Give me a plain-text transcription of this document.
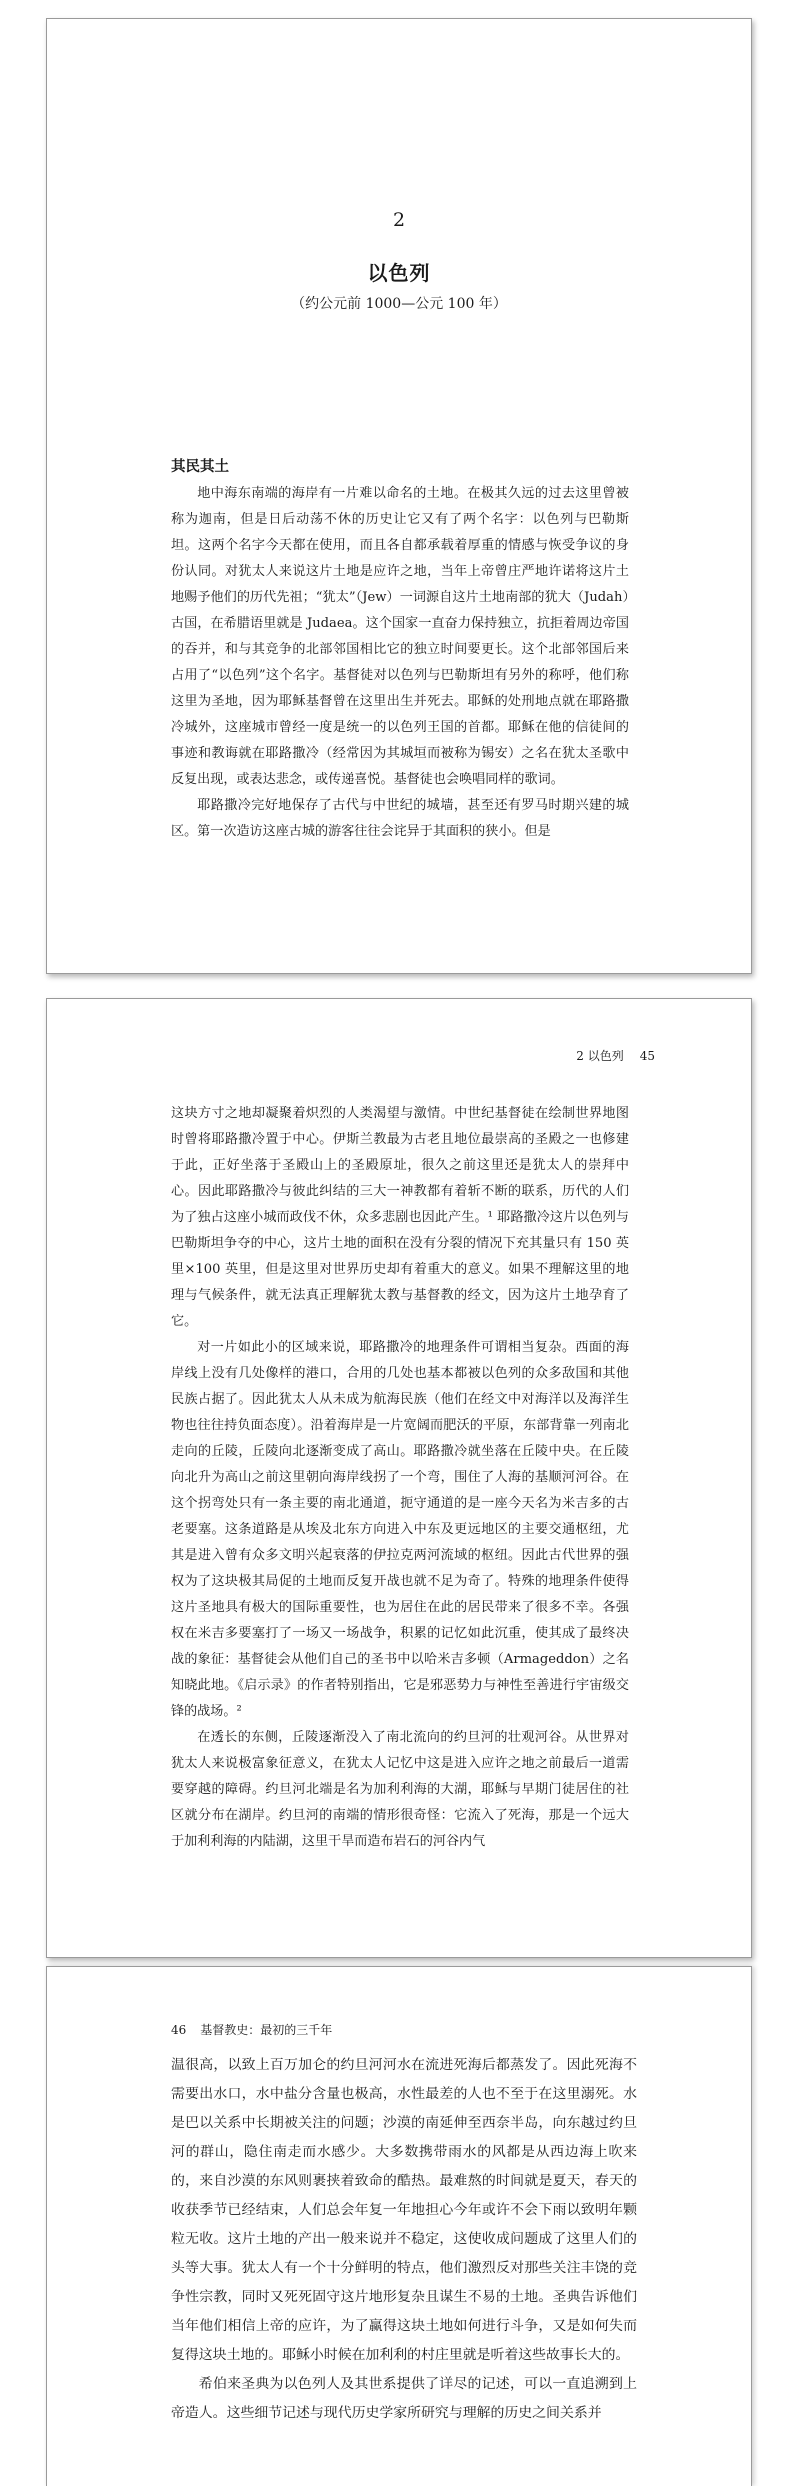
2
以色列
（约公元前 1000—公元 100 年）
其民其土

地中海东南端的海岸有一片难以命名的土地。在极其久远的过去这里曾被称为迦南，但是日后动荡不休的历史让它又有了两个名字：以色列与巴勒斯坦。这两个名字今天都在使用，而且各自都承载着厚重的情感与恢受争议的身份认同。对犹太人来说这片土地是应许之地，当年上帝曾庄严地许诺将这片土地赐予他们的历代先祖；“犹太”（Jew）一词源自这片土地南部的犹大（Judah）古国，在希腊语里就是 Judaea。这个国家一直奋力保持独立，抗拒着周边帝国的吞并，和与其竞争的北部邻国相比它的独立时间要更长。这个北部邻国后来占用了“以色列”这个名字。基督徒对以色列与巴勒斯坦有另外的称呼，他们称这里为圣地，因为耶稣基督曾在这里出生并死去。耶稣的处刑地点就在耶路撒冷城外，这座城市曾经一度是统一的以色列王国的首都。耶稣在他的信徒间的事迹和教诲就在耶路撒冷（经常因为其城垣而被称为锡安）之名在犹太圣歌中反复出现，或表达悲念，或传递喜悦。基督徒也会唤唱同样的歌词。

耶路撒冷完好地保存了古代与中世纪的城墙，甚至还有罗马时期兴建的城区。第一次造访这座古城的游客往往会诧异于其面积的狭小。但是

2 以色列 45

这块方寸之地却凝聚着炽烈的人类渴望与激情。中世纪基督徒在绘制世界地图时曾将耶路撒冷置于中心。伊斯兰教最为古老且地位最崇高的圣殿之一也修建于此，正好坐落于圣殿山上的圣殿原址，很久之前这里还是犹太人的崇拜中心。因此耶路撒冷与彼此纠结的三大一神教都有着斩不断的联系，历代的人们为了独占这座小城而政伐不休，众多悲剧也因此产生。¹ 耶路撒冷这片以色列与巴勒斯坦争夺的中心，这片土地的面积在没有分裂的情况下充其量只有 150 英里×100 英里，但是这里对世界历史却有着重大的意义。如果不理解这里的地理与气候条件，就无法真正理解犹太教与基督教的经文，因为这片土地孕育了它。

对一片如此小的区域来说，耶路撒冷的地理条件可谓相当复杂。西面的海岸线上没有几处像样的港口，合用的几处也基本都被以色列的众多敌国和其他民族占据了。因此犹太人从未成为航海民族（他们在经文中对海洋以及海洋生物也往往持负面态度）。沿着海岸是一片宽阔而肥沃的平原，东部背靠一列南北走向的丘陵，丘陵向北逐渐变成了高山。耶路撒冷就坐落在丘陵中央。在丘陵向北升为高山之前这里朝向海岸线拐了一个弯，围住了人海的基顺河河谷。在这个拐弯处只有一条主要的南北通道，扼守通道的是一座今天名为米吉多的古老要塞。这条道路是从埃及北东方向进入中东及更远地区的主要交通枢纽，尤其是进入曾有众多文明兴起衰落的伊拉克两河流域的枢纽。因此古代世界的强权为了这块极其局促的土地而反复开战也就不足为奇了。特殊的地理条件使得这片圣地具有极大的国际重要性，也为居住在此的居民带来了很多不幸。各强权在米吉多要塞打了一场又一场战争，积累的记忆如此沉重，使其成了最终决战的象征：基督徒会从他们自己的圣书中以哈米吉多顿（Armageddon）之名知晓此地。《启示录》的作者特别指出，它是邪恶势力与神性至善进行宇宙级交锋的战场。²

在透长的东侧，丘陵逐渐没入了南北流向的约旦河的壮观河谷。从世界对犹太人来说极富象征意义，在犹太人记忆中这是进入应许之地之前最后一道需要穿越的障碍。约旦河北端是名为加利利海的大湖，耶稣与早期门徒居住的社区就分布在湖岸。约旦河的南端的情形很奇怪：它流入了死海，那是一个远大于加利利海的内陆湖，这里干旱而造布岩石的河谷内气

46 基督教史：最初的三千年

温很高，以致上百万加仑的约旦河河水在流进死海后都蒸发了。因此死海不需要出水口，水中盐分含量也极高，水性最差的人也不至于在这里溺死。水是巴以关系中长期被关注的问题；沙漠的南延伸至西奈半岛，向东越过约旦河的群山，隐住南走而水感少。大多数携带雨水的风都是从西边海上吹来的，来自沙漠的东风则裹挟着致命的酷热。最难熬的时间就是夏天，春天的收获季节已经结束，人们总会年复一年地担心今年或许不会下雨以致明年颗粒无收。这片土地的产出一般来说并不稳定，这使收成问题成了这里人们的头等大事。犹太人有一个十分鲜明的特点，他们激烈反对那些关注丰饶的竞争性宗教，同时又死死固守这片地形复杂且谋生不易的土地。圣典告诉他们当年他们相信上帝的应许，为了赢得这块土地如何进行斗争，又是如何失而复得这块土地的。耶稣小时候在加利利的村庄里就是听着这些故事长大的。

希伯来圣典为以色列人及其世系提供了详尽的记述，可以一直追溯到上帝造人。这些细节记述与现代历史学家所研究与理解的历史之间关系并
